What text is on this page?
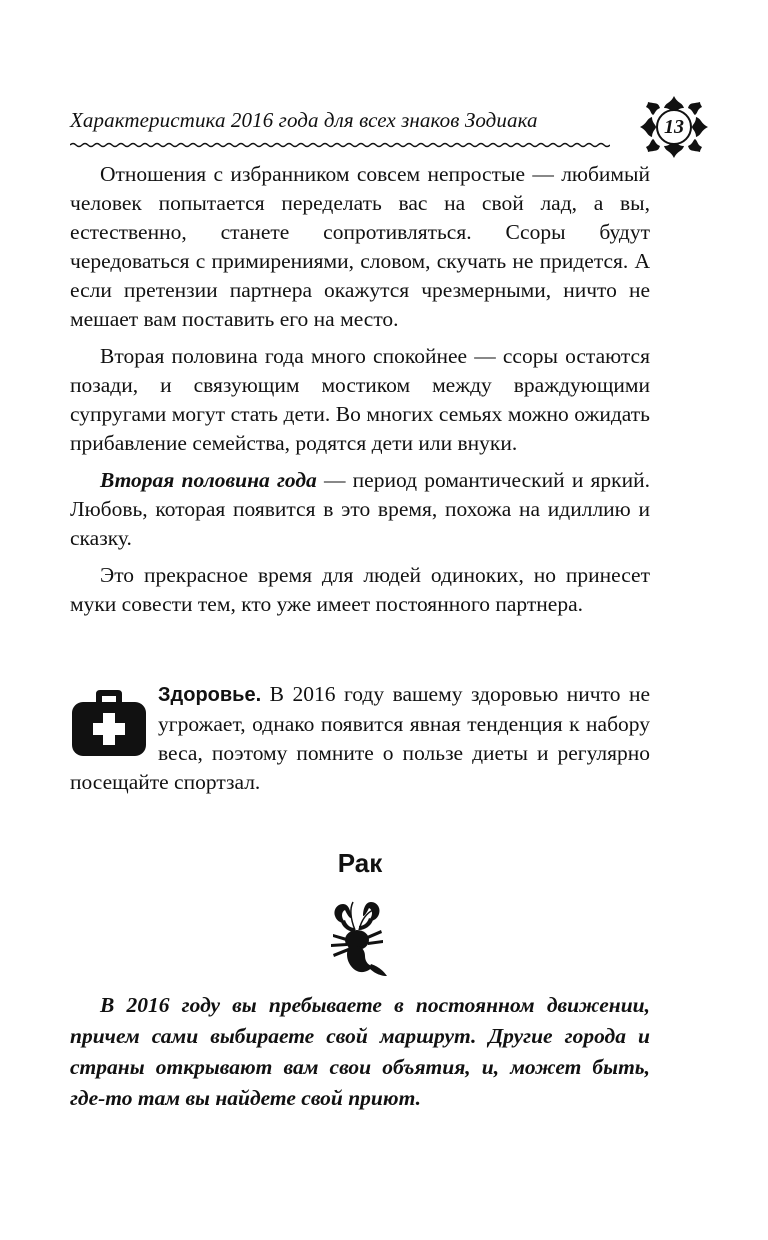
Характеристика 2016 года для всех знаков Зодиака	13

Отношения с избранником совсем непростые — любимый человек попытается переделать вас на свой лад, а вы, естественно, станете сопротивляться. Ссоры будут чередоваться с примирениями, словом, скучать не придется. А если претензии партнера окажутся чрезмерными, ничто не мешает вам поставить его на место.

Вторая половина года много спокойнее — ссоры остаются позади, и связующим мостиком между враждующими супругами могут стать дети. Во многих семьях можно ожидать прибавление семейства, родятся дети или внуки.

Вторая половина года — период романтический и яркий. Любовь, которая появится в это время, похожа на идиллию и сказку.

Это прекрасное время для людей одиноких, но принесет муки совести тем, кто уже имеет постоянного партнера.

Здоровье. В 2016 году вашему здоровью ничто не угрожает, однако появится явная тенденция к набору веса, поэтому помните о пользе диеты и регулярно посещайте спортзал.
Рак
В 2016 году вы пребываете в постоянном движении, причем сами выбираете свой маршрут. Другие города и страны открывают вам свои объятия, и, может быть, где-то там вы найдете свой приют.
